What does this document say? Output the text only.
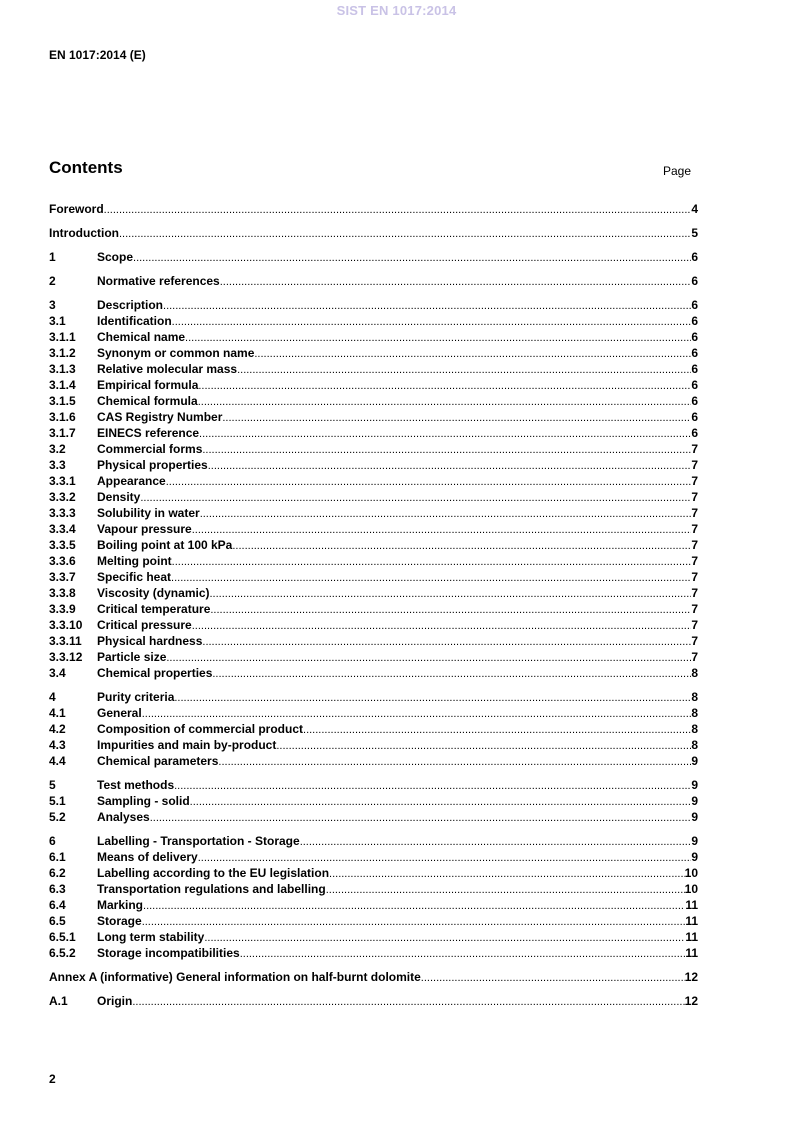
SIST EN 1017:2014
EN 1017:2014 (E)
Contents	Page
Foreword .....	4
Introduction .....	5
1	Scope .....	6
2	Normative references .....	6
3	Description .....	6
3.1	Identification .....	6
3.1.1	Chemical name .....	6
3.1.2	Synonym or common name .....	6
3.1.3	Relative molecular mass .....	6
3.1.4	Empirical formula .....	6
3.1.5	Chemical formula .....	6
3.1.6	CAS Registry Number .....	6
3.1.7	EINECS reference .....	6
3.2	Commercial forms .....	7
3.3	Physical properties .....	7
3.3.1	Appearance .....	7
3.3.2	Density .....	7
3.3.3	Solubility in water .....	7
3.3.4	Vapour pressure .....	7
3.3.5	Boiling point at 100 kPa .....	7
3.3.6	Melting point .....	7
3.3.7	Specific heat .....	7
3.3.8	Viscosity (dynamic) .....	7
3.3.9	Critical temperature .....	7
3.3.10	Critical pressure .....	7
3.3.11	Physical hardness .....	7
3.3.12	Particle size .....	7
3.4	Chemical properties .....	8
4	Purity criteria .....	8
4.1	General .....	8
4.2	Composition of commercial product .....	8
4.3	Impurities and main by-product .....	8
4.4	Chemical parameters .....	9
5	Test methods .....	9
5.1	Sampling - solid .....	9
5.2	Analyses .....	9
6	Labelling - Transportation - Storage .....	9
6.1	Means of delivery .....	9
6.2	Labelling according to the EU legislation .....	10
6.3	Transportation regulations and labelling .....	10
6.4	Marking .....	11
6.5	Storage .....	11
6.5.1	Long term stability .....	11
6.5.2	Storage incompatibilities .....	11
Annex A (informative) General information on half-burnt dolomite .....	12
A.1	Origin .....	12
2
